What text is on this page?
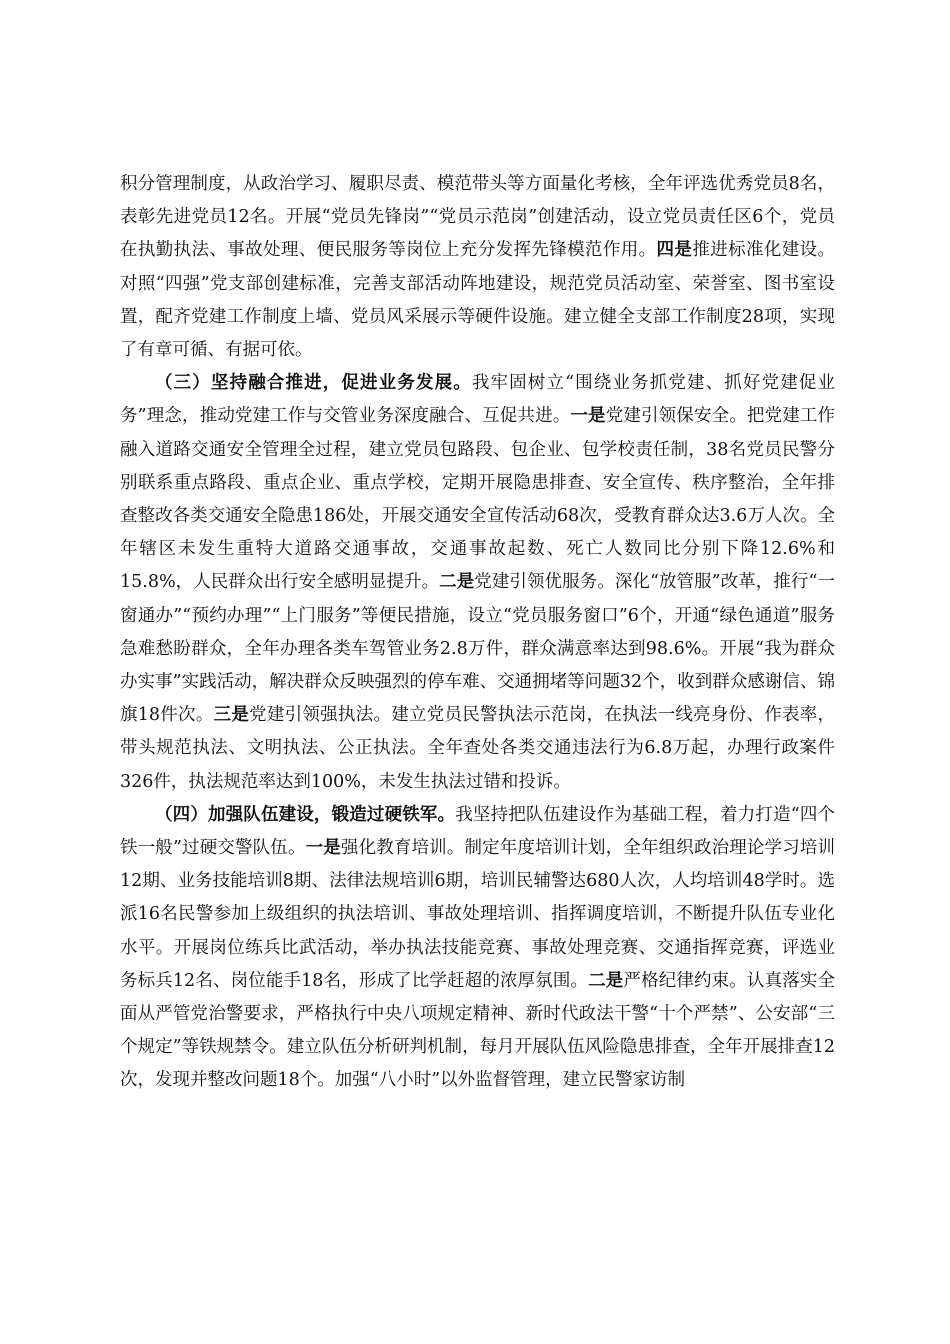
积分管理制度，从政治学习、履职尽责、模范带头等方面量化考核，全年评选优秀党员8名，表彰先进党员12名。开展“党员先锋岗”“党员示范岗”创建活动，设立党员责任区6个，党员在执勤执法、事故处理、便民服务等岗位上充分发挥先锋模范作用。四是推进标准化建设。对照“四强”党支部创建标准，完善支部活动阵地建设，规范党员活动室、荣誉室、图书室设置，配齐党建工作制度上墙、党员风采展示等硬件设施。建立健全支部工作制度28项，实现了有章可循、有据可依。

（三）坚持融合推进，促进业务发展。我牢固树立“围绕业务抓党建、抓好党建促业务”理念，推动党建工作与交管业务深度融合、互促共进。一是党建引领保安全。把党建工作融入道路交通安全管理全过程，建立党员包路段、包企业、包学校责任制，38名党员民警分别联系重点路段、重点企业、重点学校，定期开展隐患排查、安全宣传、秩序整治，全年排查整改各类交通安全隐患186处，开展交通安全宣传活动68次，受教育群众达3.6万人次。全年辖区未发生重特大道路交通事故，交通事故起数、死亡人数同比分别下降12.6%和15.8%，人民群众出行安全感明显提升。二是党建引领优服务。深化“放管服”改革，推行“一窗通办”“预约办理”“上门服务”等便民措施，设立“党员服务窗口”6个，开通“绿色通道”服务急难愁盼群众，全年办理各类车驾管业务2.8万件，群众满意率达到98.6%。开展“我为群众办实事”实践活动，解决群众反映强烈的停车难、交通拥堵等问题32个，收到群众感谢信、锦旗18件次。三是党建引领强执法。建立党员民警执法示范岗，在执法一线亮身份、作表率，带头规范执法、文明执法、公正执法。全年查处各类交通违法行为6.8万起，办理行政案件326件，执法规范率达到100%，未发生执法过错和投诉。

（四）加强队伍建设，锻造过硬铁军。我坚持把队伍建设作为基础工程，着力打造“四个铁一般”过硬交警队伍。一是强化教育培训。制定年度培训计划，全年组织政治理论学习培训12期、业务技能培训8期、法律法规培训6期，培训民辅警达680人次，人均培训48学时。选派16名民警参加上级组织的执法培训、事故处理培训、指挥调度培训，不断提升队伍专业化水平。开展岗位练兵比武活动，举办执法技能竞赛、事故处理竞赛、交通指挥竞赛，评选业务标兵12名、岗位能手18名，形成了比学赶超的浓厚氛围。二是严格纪律约束。认真落实全面从严管党治警要求，严格执行中央八项规定精神、新时代政法干警“十个严禁”、公安部“三个规定”等铁规禁令。建立队伍分析研判机制，每月开展队伍风险隐患排查，全年开展排查12次，发现并整改问题18个。加强“八小时”以外监督管理，建立民警家访制
